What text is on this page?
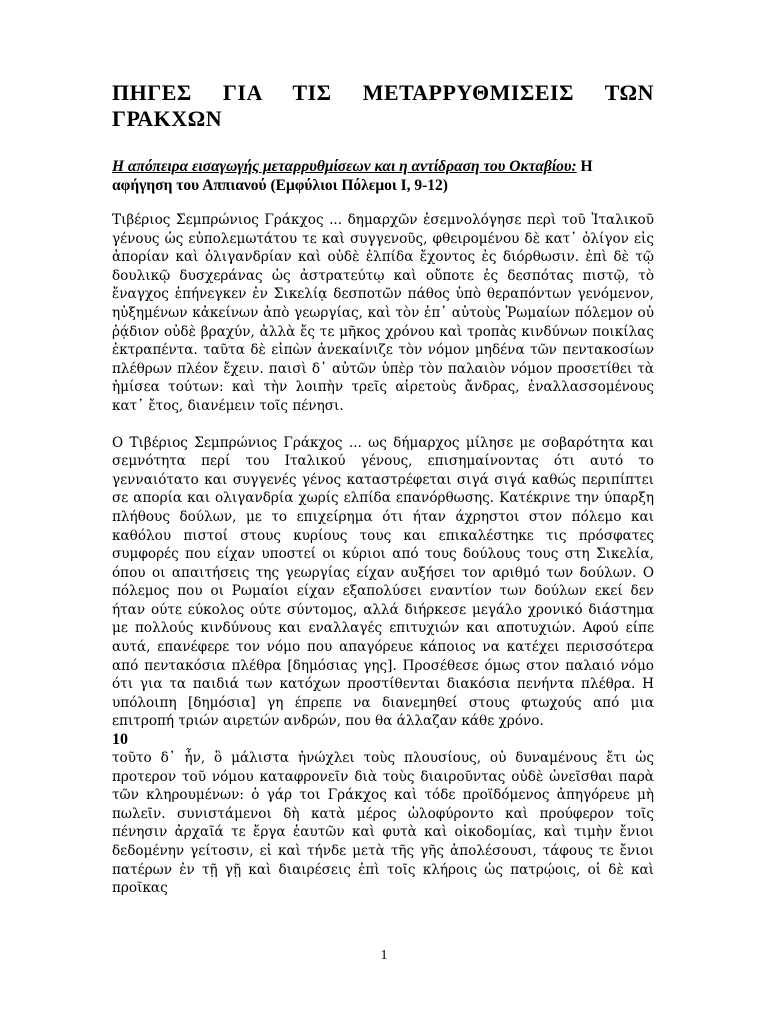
ΠΗΓΕΣ ΓΙΑ ΤΙΣ ΜΕΤΑΡΡΥΘΜΙΣΕΙΣ ΤΩΝ ΓΡΑΚΧΩΝ

Η απόπειρα εισαγωγής μεταρρυθμίσεων και η αντίδραση του Οκταβίου: Η αφήγηση του Αππιανού (Εμφύλιοι Πόλεμοι I, 9-12)

Τιβέριος Σεμπρώνιος Γράκχος ... δημαρχῶν ἐσεμνολόγησε περὶ τοῦ Ἰταλικοῦ γένους ὡς εὐπολεμωτάτου τε καὶ συγγενοῦς, φθειρομένου δὲ κατ᾽ ὀλίγον εἰς ἀπορίαν καὶ ὀλιγανδρίαν καὶ οὐδὲ ἐλπίδα ἔχοντος ἐς διόρθωσιν. ἐπὶ δὲ τῷ δουλικῷ δυσχεράνας ὡς ἀστρατεύτῳ καὶ οὔποτε ἐς δεσπότας πιστῷ, τὸ ἔναγχος ἐπήνεγκεν ἐν Σικελίᾳ δεσποτῶν πάθος ὑπὸ θεραπόντων γενόμενον, ηὐξημένων κἀκείνων ἀπὸ γεωργίας, καὶ τὸν ἐπ᾽ αὐτοὺς Ῥωμαίων πόλεμον οὐ ῥᾴδιον οὐδὲ βραχύν, ἀλλὰ ἔς τε μῆκος χρόνου καὶ τροπὰς κινδύνων ποικίλας ἐκτραπέντα. ταῦτα δὲ εἰπὼν ἀνεκαίνιζε τὸν νόμον μηδένα τῶν πεντακοσίων πλέθρων πλέον ἔχειν. παισὶ δ᾽ αὐτῶν ὑπὲρ τὸν παλαιὸν νόμον προσετίθει τὰ ἡμίσεα τούτων: καὶ τὴν λοιπὴν τρεῖς αἱρετοὺς ἄνδρας, ἐναλλασσομένους κατ᾽ ἔτος, διανέμειν τοῖς πένησι.

Ο Τιβέριος Σεμπρώνιος Γράκχος ... ως δήμαρχος μίλησε με σοβαρότητα και σεμνότητα περί του Ιταλικού γένους, επισημαίνοντας ότι αυτό το γενναιότατο και συγγενές γένος καταστρέφεται σιγά σιγά καθώς περιπίπτει σε απορία και ολιγανδρία χωρίς ελπίδα επανόρθωσης. Κατέκρινε την ύπαρξη πλήθους δούλων, με το επιχείρημα ότι ήταν άχρηστοι στον πόλεμο και καθόλου πιστοί στους κυρίους τους και επικαλέστηκε τις πρόσφατες συμφορές που είχαν υποστεί οι κύριοι από τους δούλους τους στη Σικελία, όπου οι απαιτήσεις της γεωργίας είχαν αυξήσει τον αριθμό των δούλων. Ο πόλεμος που οι Ρωμαίοι είχαν εξαπολύσει εναντίον των δούλων εκεί δεν ήταν ούτε εύκολος ούτε σύντομος, αλλά διήρκεσε μεγάλο χρονικό διάστημα με πολλούς κινδύνους και εναλλαγές επιτυχιών και αποτυχιών. Αφού είπε αυτά, επανέφερε τον νόμο που απαγόρευε κάποιος να κατέχει περισσότερα από πεντακόσια πλέθρα [δημόσιας γης]. Προσέθεσε όμως στον παλαιό νόμο ότι για τα παιδιά των κατόχων προστίθενται διακόσια πενήντα πλέθρα. Η υπόλοιπη [δημόσια] γη έπρεπε να διανεμηθεί στους φτωχούς από μια επιτροπή τριών αιρετών ανδρών, που θα άλλαζαν κάθε χρόνο.

10

τοῦτο δ᾽ ἦν, ὃ μάλιστα ἠνώχλει τοὺς πλουσίους, οὐ δυναμένους ἔτι ὡς προτερον τοῦ νόμου καταφρονεῖν διὰ τοὺς διαιροῦντας οὐδὲ ὠνεῖσθαι παρὰ τῶν κληρουμένων: ὁ γάρ τοι Γράκχος καὶ τόδε προϊδόμενος ἀπηγόρευε μὴ πωλεῖν. συνιστάμενοι δὴ κατὰ μέρος ὠλοφύροντο καὶ προύφερον τοῖς πένησιν ἀρχαῖά τε ἔργα ἑαυτῶν καὶ φυτὰ καὶ οἰκοδομίας, καὶ τιμὴν ἔνιοι δεδομένην γείτοσιν, εἰ καὶ τήνδε μετὰ τῆς γῆς ἀπολέσουσι, τάφους τε ἔνιοι πατέρων ἐν τῇ γῇ καὶ διαιρέσεις ἐπὶ τοῖς κλήροις ὡς πατρῴοις, οἱ δὲ καὶ προῖκας

1
